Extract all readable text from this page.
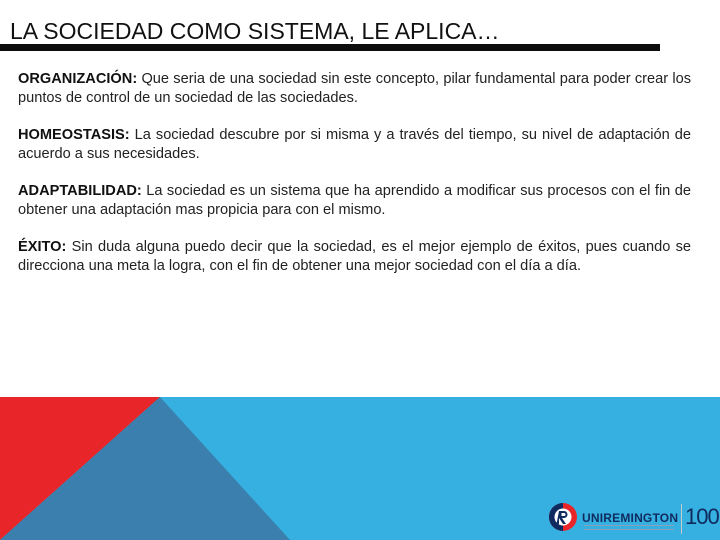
LA SOCIEDAD COMO SISTEMA, LE APLICA…

ORGANIZACIÓN: Que seria de una sociedad sin este concepto, pilar fundamental para poder crear los puntos de control de un sociedad de las sociedades.

HOMEOSTASIS: La sociedad descubre por si misma y a través del tiempo, su nivel de adaptación de acuerdo a sus necesidades.

ADAPTABILIDAD: La sociedad es un sistema que ha aprendido a modificar sus procesos con el fin de obtener una adaptación mas propicia para con el mismo.

ÉXITO: Sin duda alguna puedo decir que la sociedad, es el mejor ejemplo de éxitos, pues cuando se direcciona una meta la logra, con el fin de obtener una mejor sociedad con el día a día.

UNIREMINGTON 100
